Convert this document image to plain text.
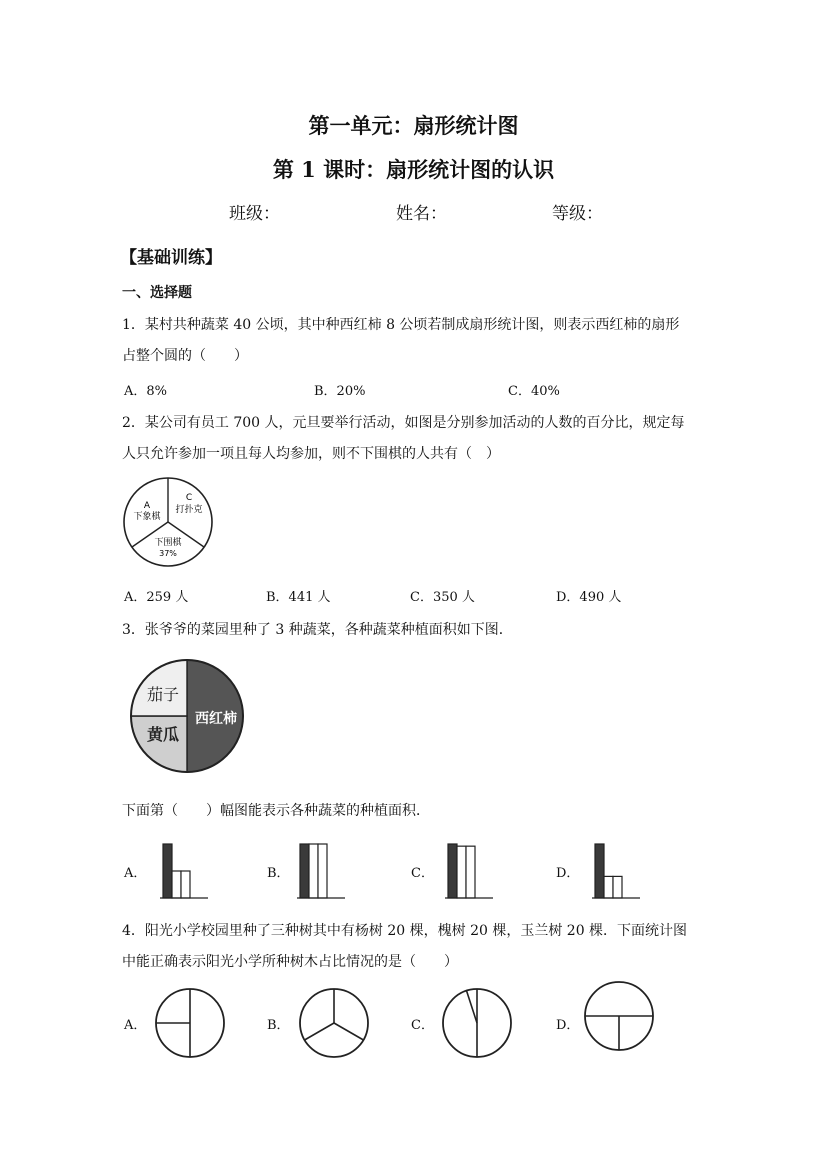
第一单元：扇形统计图
第 1 课时：扇形统计图的认识
班级：	姓名：	等级：
【基础训练】
一、选择题
1．某村共种蔬菜 40 公顷，其中种西红柿 8 公顷若制成扇形统计图，则表示西红柿的扇形
占整个圆的（　　）
A．8%	B．20%	C．40%
2．某公司有员工 700 人，元旦要举行活动，如图是分别参加活动的人数的百分比，规定每
人只允许参加一项且每人均参加，则不下围棋的人共有（　）
A
下象棋
C
打扑克
下围棋
37%
A．259 人	B．441 人	C．350 人	D．490 人
3．张爷爷的菜园里种了 3 种蔬菜，各种蔬菜种植面积如下图．
茄子
西红柿
黄瓜
下面第（　　）幅图能表示各种蔬菜的种植面积．
A．	B．	C．	D．
4．阳光小学校园里种了三种树其中有杨树 20 棵，槐树 20 棵，玉兰树 20 棵．下面统计图
中能正确表示阳光小学所种树木占比情况的是（　　）
A．	B．	C．	D．
